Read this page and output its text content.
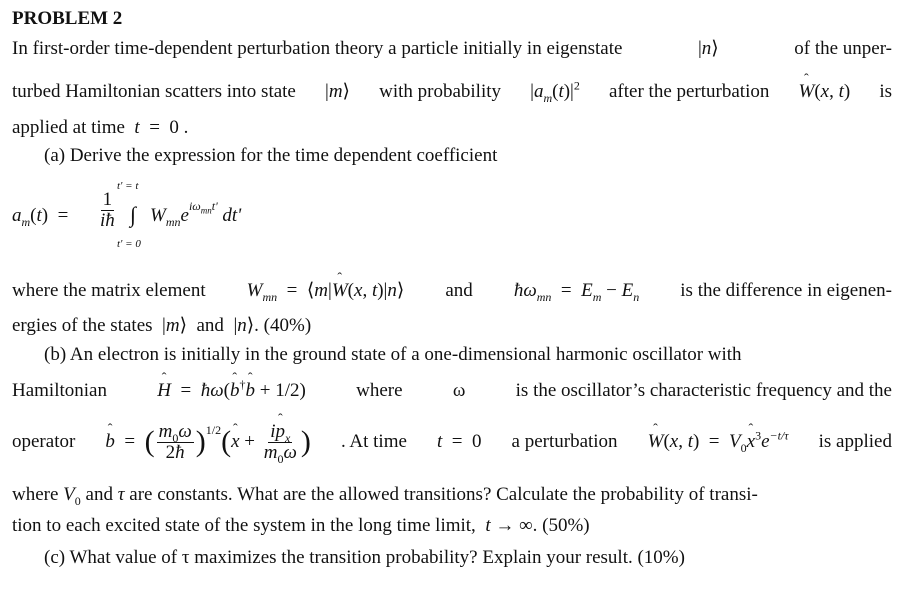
PROBLEM 2
In first-order time-dependent perturbation theory a particle initially in eigenstate	|n⟩	of the unper-
turbed Hamiltonian scatters into state |m⟩ with probability $|a_m(t)|^2$ after the perturbation ˆ W(x, t) is
applied at time t  =  0 .
(a) Derive the expression for the time dependent coefficient
$a_m(t)$  =
t' = t
$\frac{1}{iħ}$ ∫ $W_{mn}e^{i\omega_{mn}t'}$ dt'
t' = 0
where the matrix element $W_{mn}$  =  ⟨m|ˆ W(x, t)|n⟩ and $ħ\omega_{mn} = E_m - E_n$ is the difference in eigenen-
ergies of the states  |m⟩  and  |n⟩. (40%)
(b) An electron is initially in the ground state of a one-dimensional harmonic oscillator with
Hamiltonian	ˆ H  =  ħω(ˆ b†ˆ b + 1/2)	where	ω	is the oscillator’s characteristic frequency and the
operator ˆ b = ( $\frac{m_0\omega}{2ħ} )^{1/2}$ ( ˆ $x + \frac{iˆ p_x}{m_0\omega}$ ) . At time t  =  0 a perturbation ˆ W(x, $t) = V_0ˆ$ $x^3e^{-t/\tau}$ is applied
where $V_0$ and τ are constants. What are the allowed transitions? Calculate the probability of transi-
tion to each excited state of the system in the long time limit, t → ∞. (50%)
(c) What value of τ maximizes the transition probability? Explain your result. (10%)
